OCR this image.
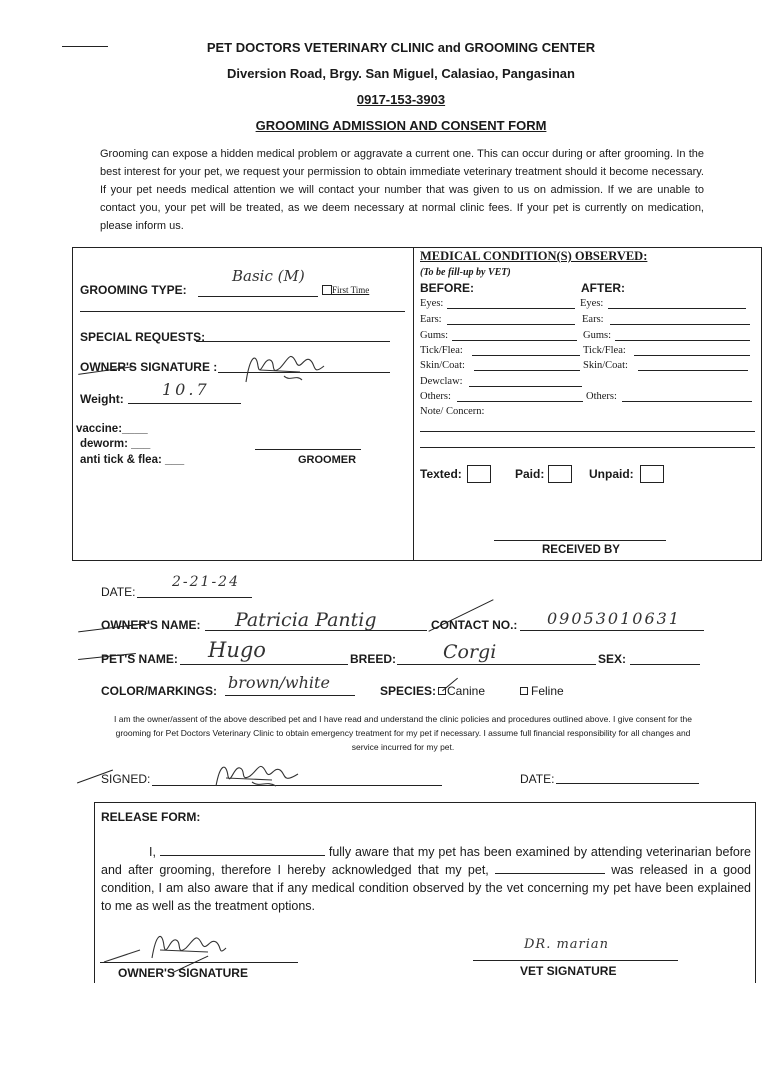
PET DOCTORS VETERINARY CLINIC and GROOMING CENTER
Diversion Road, Brgy. San Miguel, Calasiao, Pangasinan
0917-153-3903
GROOMING ADMISSION AND CONSENT FORM
Grooming can expose a hidden medical problem or aggravate a current one. This can occur during or after grooming. In the best interest for your pet, we request your permission to obtain immediate veterinary treatment should it become necessary. If your pet needs medical attention we will contact your number that was given to us on admission. If we are unable to contact you, your pet will be treated, as we deem necessary at normal clinic fees. If your pet is currently on medication, please inform us.
GROOMING TYPE:
Basic (M)
First Time
SPECIAL REQUESTS:
OWNER'S SIGNATURE :
Weight: 10.7
vaccine:____
deworm: ___
anti tick & flea: ___	GROOMER
MEDICAL CONDITION(S) OBSERVED:
(To be fill-up by VET)
BEFORE:	AFTER:
Eyes:	Eyes:
Ears:	Ears:
Gums:	Gums:
Tick/Flea:	Tick/Flea:
Skin/Coat:	Skin/Coat:
Dewclaw:
Others:	Others:
Note/ Concern:
Texted:	Paid:	Unpaid:
RECEIVED BY
DATE:
2-21-24
OWNER'S NAME: Patricia Pantig	CONTACT NO.: 09053010631
PET'S NAME: Hugo	BREED: Corgi	SEX:
COLOR/MARKINGS: brown/white	SPECIES: Canine	Feline
I am the owner/assent of the above described pet and I have read and understand the clinic policies and procedures outlined above. I give consent for the grooming for Pet Doctors Veterinary Clinic to obtain emergency treatment for my pet if necessary. I assume full financial responsibility for all changes and service incurred for my pet.
SIGNED:	DATE:
RELEASE FORM:
I,	fully aware that my pet has been examined by attending veterinarian before and after grooming, therefore I hereby acknowledged that my pet,	was released in a good condition, I am also aware that if any medical condition observed by the vet concerning my pet have been explained to me as well as the treatment options.
OWNER'S SIGNATURE
DR. marian
VET SIGNATURE
